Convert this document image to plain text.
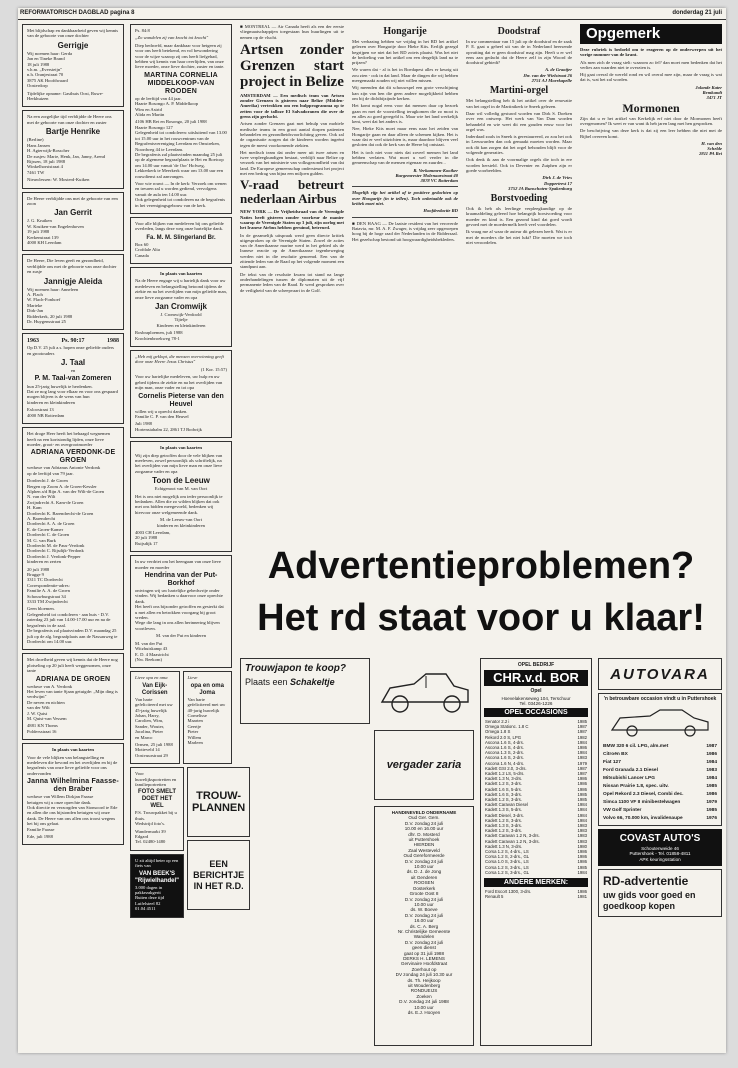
REFORMATORISCH DAGBLAD pagina 8	donderdag 21 juli

Met blijdschap en dankbaarheid geven wij kennis van de geboorte van onze dochter

Gerrigje

Wij noemen haar: Gerda
Jan en Tineke Brand
18 juli 1988
v.h.m. „Eversteijn"
n.h. Oranjestraat 70
3875 AK Hoofdwaard
Oosterdorp

Tijdelijke opname: Gasthuis Oost, Ruwe-Herkhuizen

Na een zorgelijke tijd verblijdde de Heere ons met de geboorte van onze dochter en zuster

Bartje Henrike

(Berline)
Hans Jansen
H. Agterwijk-Bosscher
De zusjes: Marie, Henk, Jan, Janny, Arend
Rijssen, 18 juli 1988
Winkelhorststraat 4
7461 TW

Nieuwlessen: W. Mosterd-Kuiken

De Heere verblijdde ons met de geboorte van een zoon

Jan Gerrit

J. G. Kruiken
W. Kruiken-van Engelenhoven
19 juli 1988
Kerkenstraat 139
4000 KH Leerdam

De Heere, Die leven geeft en gezondheid, verblijdde ons met de geboorte van onze dochter en zusje

Jannigje Aleida

Wij noemen haar: Anneleen
A. Flach
W. Flach-Fonhoef
Marieke
Dirk-Jan
Ridderkerk, 20 juli 1988
Dr. Huygensstraat 25

1963	Ps. 90:17	1988

Op D.V. 25 juli a.s. hopen onze geliefde ouders en grootouders

J. Taal
en
P. M. Taal-van Zomeren

hun 25-jarig huwelijk te herdenken.
Dat ze nog lang voor elkaar en voor ons gespaard mogen blijven is de wens van hun
kinderen en kleinkinderen

Exloostraat 13
4000 NB Rotterdam

Het droge Heer heeft het behaagd wegnemen heeft na een kortstondig lijden, onze lieve moeder, groot- en overgrootmoeder

ADRIANA VERDONK-DE GROEN

weduwe van Adrianus Antonie Verdonk
op de leeftijd van 79 jaar.

Dordrecht J. de Groen
Bergen op Zoom A. de Groen-Kessler
Alphen a/d Rijn A. van der Wilt-de Groen
N. van der Wilt
Zwijndrecht A. Kam-de Groen
H. Kam
Dordrecht K. Barendrecht-de Groen
A. Barendrecht
Dordrecht A. A. de Groen
E. de Groen-Kamer
Dordrecht C. de Groen
M. G. van Burk
Dordrecht M. de Paus-Verdonk
Dordrecht C. Rijsdijk-Verdonk
Dordrecht J. Verdonk-Pepper
kinderen en zerten

20 juli 1988
Brugge 9
3311 TC Dordrecht
Correspondentie-adres:
Familie A. A. de Groen
Schouwburgstraat 34
3333 TM Zwijndrecht

Geen bloemen.
Gelegenheid tot condoleren - aan huis - D.V. zaterdag 23 juli van 14.00-17.00 uur en na de begrafenis in de zaal.
De begrafenis zal plaatsvinden D.V. maandag 25 juli op de alg. begraafplaats aan de Nassauweg te Dordrecht om 14.00 uur.

Met droefheid geven wij kennis dat de Heere nog plotseling op 20 juli heeft weggenomen, onze tante

ADRIANA DE GROEN

weduwe van A. Verdonk
Het leven van tante Sjaan getuigde: „Mijn ding is verdwijnt"
De neven en nichten
van der Wilt
J. W. Quist
M. Quist-van Vessem

4881 KN Thoms
Poldersstraat 16

In plaats van kaarten

Voor de vele blijken van belangstelling en medeleven die bevond en het overlijden en bij de begrafenis van onze lieve geliefde voor ons ondervonden

Janna Wilhelmina Faasse-den Braber

weduwe van Willem Dirkjan Faasse
betuigen wij u onze oprechte dank.
Ook directie en verzorgden van Sionsoord te Ede en allen die ons bijstonden betuigen wij onze dank. De Heere van ons allen ons troost wegens het bij ons gelaat.
Familie Faasse

Ede, juli 1988

Ps. 84:8

„Zo wandelen zij van kracht tot kracht"

Diep bedroefd, maar dankbaar voor hetgeen zij voor ons heeft betekend, en vol bewondering voor de wijze waarop zij ons heeft liefgehad, hebben wij kennis van haar overlijden, van onze lieve moeder, onze lieve dochter, zuster en tante.

MARTINA CORNELIA MIDDELKOOP-VAN ROODEN

op de leeftijd van 44 jaar.
Haarte Bosongo A. P. Middelkoop
Wim en Astrid
Alida en Martin

4106 HB Ret en Bosongo, 20 juli 1988
Haarte Bosongo 127
Gelegenheid tot condoleren: uitsluitend van 13.00 tot 15.00 uur in het rouwcentrum van de Begrafenisvereniging Leerdam en Omstreken, Noordweg 44 te Leerdam.
De begrafenis zal plaatsvinden maandag 25 juli op de algemene begraafplaats te Hei en Boeicop om 14.00 uur vanuit 'de Oor' Hofweg, Lekkerkerk te Meerkerk waar om 13.00 uur een rouwdienst zal aanvangen.

Voor wie rouwt — In de kerk: Verzoek om wenen en treuren zal u worden gediend, vervolgens vanuit de aula ten 14.00 uur.
Ook gelegenheid tot condoleren na de begrafenis in het verenigingsgebouw van de kerk.

Voor alle blijken van medeleven bij ons geliefde overleden, langs deze weg onze hartelijke dank.

Fa. M. M. Slingerland Br.

Box 60
Crofdale Alta
Canada

In plaats van kaarten

Na de Heere engage wij u hartelijk dank voor uw medeleven en belangstelling betoond tijdens de ziekte en na het overlijden van mijn geliefde man, onze lieve zorgzame vader en opa

Jan Cromwijk

J. Cromwijk-Verdoold
Tijtelje
Kinderen en kleinkinderen

Rosbraploemen, juli 1988
Krochtenbroekweg 78-1

„Heb mij geklopt, die mensen overwinning geeft door onze Heere Jezus Christus"

(1 Kor. 15:57)

Voor uw hartelijke medeleven, uw hulp en uw gebed tijdens de ziekte en na het overlijden van mijn man, onze vader en tot opa

Cornelis Pieterse van den Heuvel

willen wij u oprecht danken.
Familie C. P. van den Heuvel

Juli 1988
Hortensiahalm 22, 2861 TJ Bodwijk

In plaats van kaarten

Wij zijn diep getroffen door de vele blijken van meeleven, zowel persoonlijk als schriftelijk, na het overlijden van mijn lieve man en onze lieve zorgzame vader en opa

Toon de Leeuw

Echtgenoot van M. van Oort

Het is ons niet mogelijk om ieder persoonlijk te bedanken. Allen die zo wilden blijken dat ook met ons bidden meegevoeld, bedenken wij hiervoor onze welgemeende dank.

M. de Leeuw-van Oort
kinderen en kleinkinderen

4003 CH Leerdam,
20 juli 1988
Ruijsdijk 17

In uw verdriet om het heengaan van onze lieve moeder en moeder

Hendrina van der Put-Borkhof

ontvingen wij uw hartelijke gebedsvrije onder vinden. Wij bedanken u daarvoor onze oprechte dank.
Het heeft ons bijzonder getroffen en gesterkt dat u met allen en betrokken voorgang bij groot vreden.
Wege die lang in ons allen herinnering blijven voortleven.

M. van der Put en kinderen

M. van der Put
Witzhuiskamp 43
E. D. 4 Maastricht
(Nw. Beekom)

Lieve opa en oma

Van Eijk-Corissen

Van harte gefeliciteerd met uw 45-jarig huwelijk
Johan, Harry,
Carolien, Wim,
Sander, Wouter,
Jacolina, Pieter
en Marco

Ornsen, 25 juli 1988
Motteveld 14
Oostvuurstraat 29

Lieve

opa en oma Joma

Van harte gefeliciteerd met uw 40-jarig huwelijk
Cornelisse
Maarten
Geertje
Pieter
Willem
Marleen

Voor huwelijksportretten en familieportretten

FOTO SMELT DOET HET WEL

P.S. Trouwpakket bij u thuis.
Wedstrijd foto's.

Wandermarkt 39
Edgard
Tel. 02480-1480

U zit altijd beter op een fiets van

VAN BEEK'S "Rijwielhandel"

3.000 dagen in pakkezakgerit
Buiten deze tijd
Luifelsteel 82
01.04 4511

TROUW-PLANNEN
EEN BERICHTJE IN HET R.D.

■ MONTREAL — Air Canada heeft als een der eerste vliegmaatschappijen toegestaan hun huurlingen uit te nemen op de vlucht.

Artsen zonder Grenzen start project in Belize

AMSTERDAM — Een medisch team van Artsen zonder Grenzen is gisteren naar Belize (Midden-Amerika) vertrokken om een hulpprogramma op te zetten voor de talloze El Salvadoranen die over de grens zijn gevlucht.

Artsen zonder Grenzen gaat met behulp van mobiele medische teams in een groot aantal dorpen patienten behandelen en gezondheidsvoorlichting geven. Ook zal de organisatie zorgen dat de kinderen worden ingeënt tegen de meest voorkomende ziekten.

Het medisch team dat onder meer uit twee artsen en twee verpleegkundigen bestaat, verblijft naar Belize op verzoek van het ministerie van volksgezondheid van dat land. De Europese gemeenschap ondersteunt het project met een bedrag van bijna een miljoen gulden.

V-raad betreurt nederlaan Airbus

NEW YORK — De Vrijheidsraad van de Verenigde Naties heeft gisteren zonder voorkeur de manier waarop de Verenigde Staten op 3 juli, zijn oorlog met het Iranese Airbus hebben geruimd, betreurd.

In de gezamelijk uitspraak werd geen directe kritiek uitgesproken op de Verenigde Staten. Zowel de acties van de Amerikaanse marine werd in het gebied als de Iranese reactie op de Amerikaanse tegenbeweging werden niet in die resolutie genoemd. Een van de zittende leden van de Raad op het volgende moment een standpunt aan.

De tekst van de resolutie kwam tot stand na lange onderhandelingen tussen de diplomaten uit de vijf permanente leden van de Raad. Er werd gesproken over de veiligheid van de scheepvaart in de Golf.

Hongarije

Met verbazing hebben we vrijdag in het RD het artikel gelezen over Hongarije door Hieke Kits. Eerlijk gezegd begrijpen we niet dat het RD zoiets plaatst. Was het niet de bedoeling van het artikel om een dergelijk land na te prijzen?

We waren dat - al is het in Boedapest alles er keurig uit zou zien - ook in dat land. Maar de dingen die wij hebben meegemaakt zouden wij niet willen missen.

Wij meenden dat dit schouwspel een grote verschijning kan zijn van hen die geen andere mogelijkheid hebben om bij de dichtbijzijnde kerken.

Het komt nogal eens voor dat mensen daar op bezoek gaan en met de voorstelling terugkomen die zo mooi is en alles zo goed geregeld is. Maar wie het land werkelijk kent, weet dat het anders is.

Nee, Hieke Kits moet maar eens naar het zeiden van Hongarije gaan en daar alleen de schemen kijken. Het is waar dat er veel uitzichten is, maar daardoor blijven veel gesloten dat ook de kerk van de Heere bij ontstaat.

Het is toch niet voor niets dat zoveel mensen het land hebben verlaten. Wat moet u wel verder in die gemeenschap van de mensen eigenaar en zuurder...

R. Verkammen-Kooiker
Burgemeester Molenaarstraat 40
3078 VC Rotterdam

Mogelijk rijp het artikel af te positieve gedachten op over Hongarije (in te tellen). Toch onbetaalde ook de kritiek moet niet.

Hoofdredactie RD

■ DEN HAAG — De laatste resident van het veroverde Batavia, mr. M. A. F. Zwager, is vrijdag zeer opgeroepen hoog bij de hoge raad der Nederlanden in de Ridderzaal. Het gezelschap bestond uit hoogwaardigheidsbekleders.

Doodstraf

In uw commentaar van 15 juli op de doodstraf en de zaak P. E. gaat u geheel uit van de in Nederland heersende opvatting dat er geen doodstraf mag zijn. Heeft u er wel eens aan gedacht dat de Heere zelf in zijn Woord de doodstraf gebiedt?

A. de Graaijer
Jhr. van der Wielstraat 26
2751 AJ Moerkapelle

Martini-orgel

Met belangstelling heb ik het artikel over de renovatie van het orgel in de Martinikerk te Sneek gelezen.

Daar wil volledig gestuwd worden van Dirk S. Doeken over een ontwerp. Het werk van Van Dam worden behandeld en wie weet dit een gouden eeuw voor het orgel was.

Inderdaad zoals in Sneek is gerestaureerd, zo zou het ook in Leeuwarden dan ook gemaakt moeten worden. Maar ook dit kan zorgen dat het orgel behouden blijft voor de volgende generaties.

Ook denk ik aan de voormalige orgels die toch in ere worden hersteld. Ook in Deventer en Zutphen zijn er goede voorbeelden.

Dirk J. de Vries
Doppertrest 17
3752 JA Bunschoten-Spakenburg

Borstvoeding

Ook ik heb als leerlinge verpleegkundige op de kraamafdeling geleerd hoe belangrijk borstvoeding voor moeder en kind is. Een gezond kind dat goed wordt gevoed met de moedermelk heeft veel voordelen.

Ik vraag me af waar de auteur dit gelezen heeft. Wat is er met de moeders die het niet lukt? Die moeten we toch niet veroordelen.

Opgemerk

Deze rubriek is bedoeld om te reageren op de onderwerpen uit het vorige nummer van de krant.

Als men zich de vraag stelt: waarom zo fel? dan moet men bedenken dat het verlies aan waarden niet te overzien is.

Hij gaat overal de wereld rond en wil overal mee zijn, maar de vraag is wat dat is, wat het zal worden.

Jolande Kater
Remkandt
3471 JT

Mormonen

Zijn dat u er het artikel van Kerkelijk erf niet door de Mormonen heeft overgenomen? Ik weet er van want ik heb jaren lang met hen gesproken.

De beschrijving van deze kerk is dat zij een leer hebben die niet met de Bijbel overeen komt.

H. van den
Schelde
2811 PA Rei

Advertentieproblemen?
Het rd staat voor u klaar!
Trouwjapon te koop?
Plaats een Schakeltje
vergader zaria

HANDINEVELD ONDERNAME

Oud Ger. Gem.
D.V. zondag 24 juli
10.00 en 16.00 uur
dhr. D. Mosterd
uit Puttershoek
HIERDEN
Zaal Westeveld
Oud Gereformeerde
D.V. zondag 24 juli
10.00 uur
ds. D. J. de Jong
uit Genderen
ROOSEN
Oosterkerk
Groote Oost 8
D.V. zondag 24 juli
10.00 uur
ds. W. Boeve
D.V. zondag 24 juli
16.00 uur
ds. C. A. Berg
Nr. Christelijke Gemeente
Wandelen
D.V. zondag 24 juli
geen dienst
gaat op 31 juli 1988
DERKS H. LEMENS
Gervinaire Hoofdstraat
Zoerhout op
DV zondag 24 juli 10.30 uur
ds. Th. Heijkoop
uit Woudenberg
RONDUEIJS
Zoeken
D.V. zondag 24 juli 1988
10.00 uur
ds. E.J. Hooyen

OPEL BEDRIJF
CHR.v.d. BOR
Opel
Hoevelakenseweg 104, Terschuur
Tel. 03426-1226
OPEL OCCASIONS
Senator 2.2 i	1985
Omega Stationc. 1.8 C	1987
Omega 1.8 S	1987
Rekord 2.0 S, LPG	1982
Ascona 1.6 S, 4-drs.	1984
Ascona 1.6 S, 4-drs.	1986
Ascona 1.3 S, 2-drs.	1984
Ascona 1.6 S, 2-drs.	1983
Ascona 1.6 N, 4-drs.	1979
Kadett GSI 2.0, 3-drs.	1987
Kadett 1.2 LS, 5-drs.	1987
Kadett 1.3 N, 3-drs.	1986
Kadett 1.2 S, 3-drs.	1986
Kadett 1.6 S, 5-drs.	1986
Kadett 1.6 S, 3-drs.	1985
Kadett 1.2 S, 3-drs.	1985
Kadett Caravan Diesel	1984
Kadett 1.3 S, 5-drs.	1984
Kadett Diesel, 3-drs.	1984
Kadett 1.2 S, 3-drs.	1984
Kadett 1.3 S, 3-drs.	1983
Kadett 1.2 S, 3-drs.	1983
Kadett Caravan 1.2 N, 3-drs.	1983
Kadett Caravan 1.2 N, 3-drs.	1983
Kadett 1.3 N, 3-drs.	1980
Corsa 1.2 S, 4-drs., LS	1986
Corsa 1.2 S, 2-drs., GL	1986
Corsa 1.0 S, 3-drs., LS	1986
Corsa 1.2 S, 3-drs., LS	1985
Corsa 1.2 S, 3-drs., GL	1984
ANDERE MERKEN:
Ford Escort 1300, 3-drs.	1986
Renault 5	1981
AUTOVARA
'n betrouwbare occasion vindt u in Puttershoek
BMW 320 6 cil. LPG, alm.met	1987
Citroën BX	1986
Fiat 127	1984
Ford Granada 2.1 Diesel	1983
Mitsubishi Lancer LPG	1984
Nissan Prairie 1.8, spec. uitv.	1985
Opel Rekord 2.3 Diesel, Combi dec.	1986
Simca 1100 VF II minibestelwagen	1979
VW Golf Sprinter	1985
Volvo 66, 70.000 km, invalidenaupe	1976
COVAST AUTO'S
Schoutenweide 46
Puttershoek - Tel. 01858-4811
APK keuringsstation
RD-advertentie
uw gids voor goed en goedkoop kopen
